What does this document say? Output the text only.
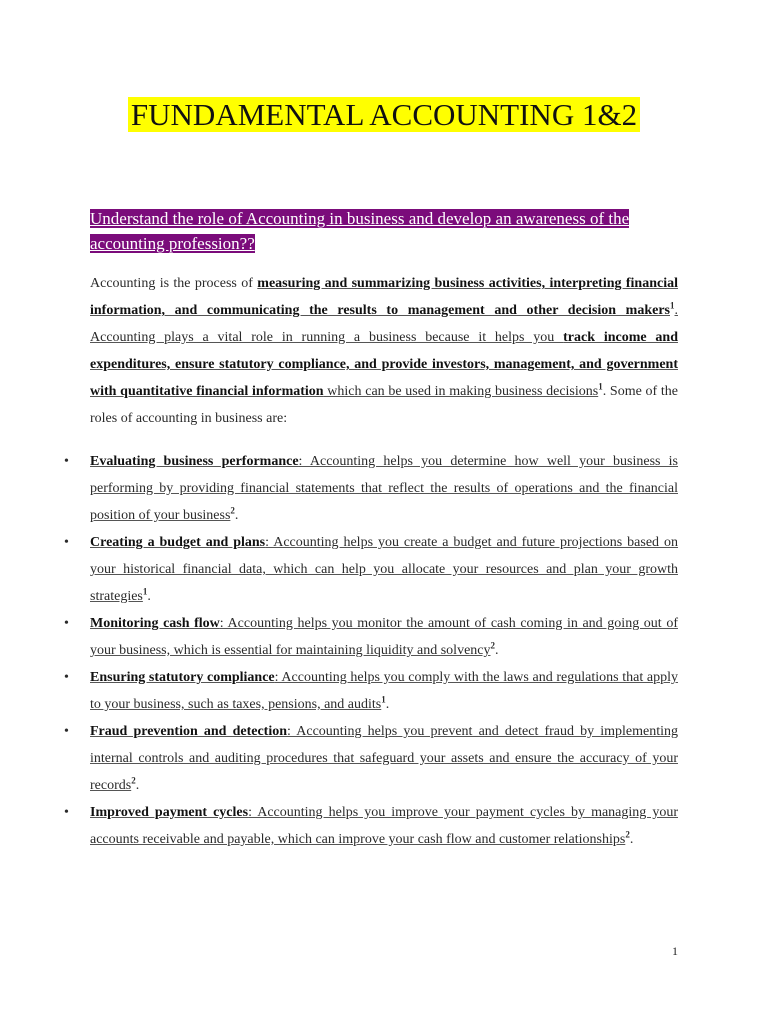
FUNDAMENTAL ACCOUNTING 1&2
Understand the role of Accounting in business and develop an awareness of the accounting profession??

Accounting is the process of measuring and summarizing business activities, interpreting financial information, and communicating the results to management and other decision makers$^1$. Accounting plays a vital role in running a business because it helps you track income and expenditures, ensure statutory compliance, and provide investors, management, and government with quantitative financial information which can be used in making business decisions$^1$. Some of the roles of accounting in business are:

• Evaluating business performance: Accounting helps you determine how well your business is performing by providing financial statements that reflect the results of operations and the financial position of your business$^2$.
• Creating a budget and plans: Accounting helps you create a budget and future projections based on your historical financial data, which can help you allocate your resources and plan your growth strategies$^1$.
• Monitoring cash flow: Accounting helps you monitor the amount of cash coming in and going out of your business, which is essential for maintaining liquidity and solvency$^2$.
• Ensuring statutory compliance: Accounting helps you comply with the laws and regulations that apply to your business, such as taxes, pensions, and audits$^1$.
• Fraud prevention and detection: Accounting helps you prevent and detect fraud by implementing internal controls and auditing procedures that safeguard your assets and ensure the accuracy of your records$^2$.
• Improved payment cycles: Accounting helps you improve your payment cycles by managing your accounts receivable and payable, which can improve your cash flow and customer relationships$^2$.
1
